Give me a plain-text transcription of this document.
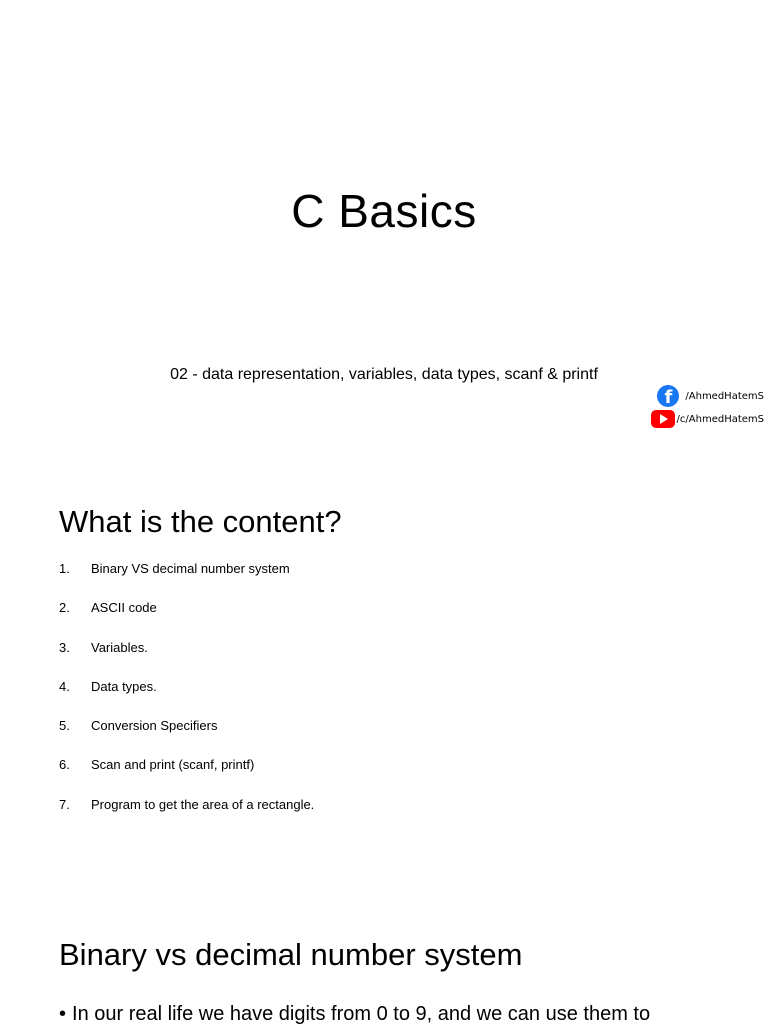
C Basics
02 - data representation, variables, data types, scanf & printf
f	/AhmedHatemS
/c/AhmedHatemS
What is the content?
1.	Binary VS decimal number system
2.	ASCII code
3.	Variables.
4.	Data types.
5.	Conversion Specifiers
6.	Scan and print (scanf, printf)
7.	Program to get the area of a rectangle.
Binary vs decimal number system
• In our real life we have digits from 0 to 9, and we can use them to
